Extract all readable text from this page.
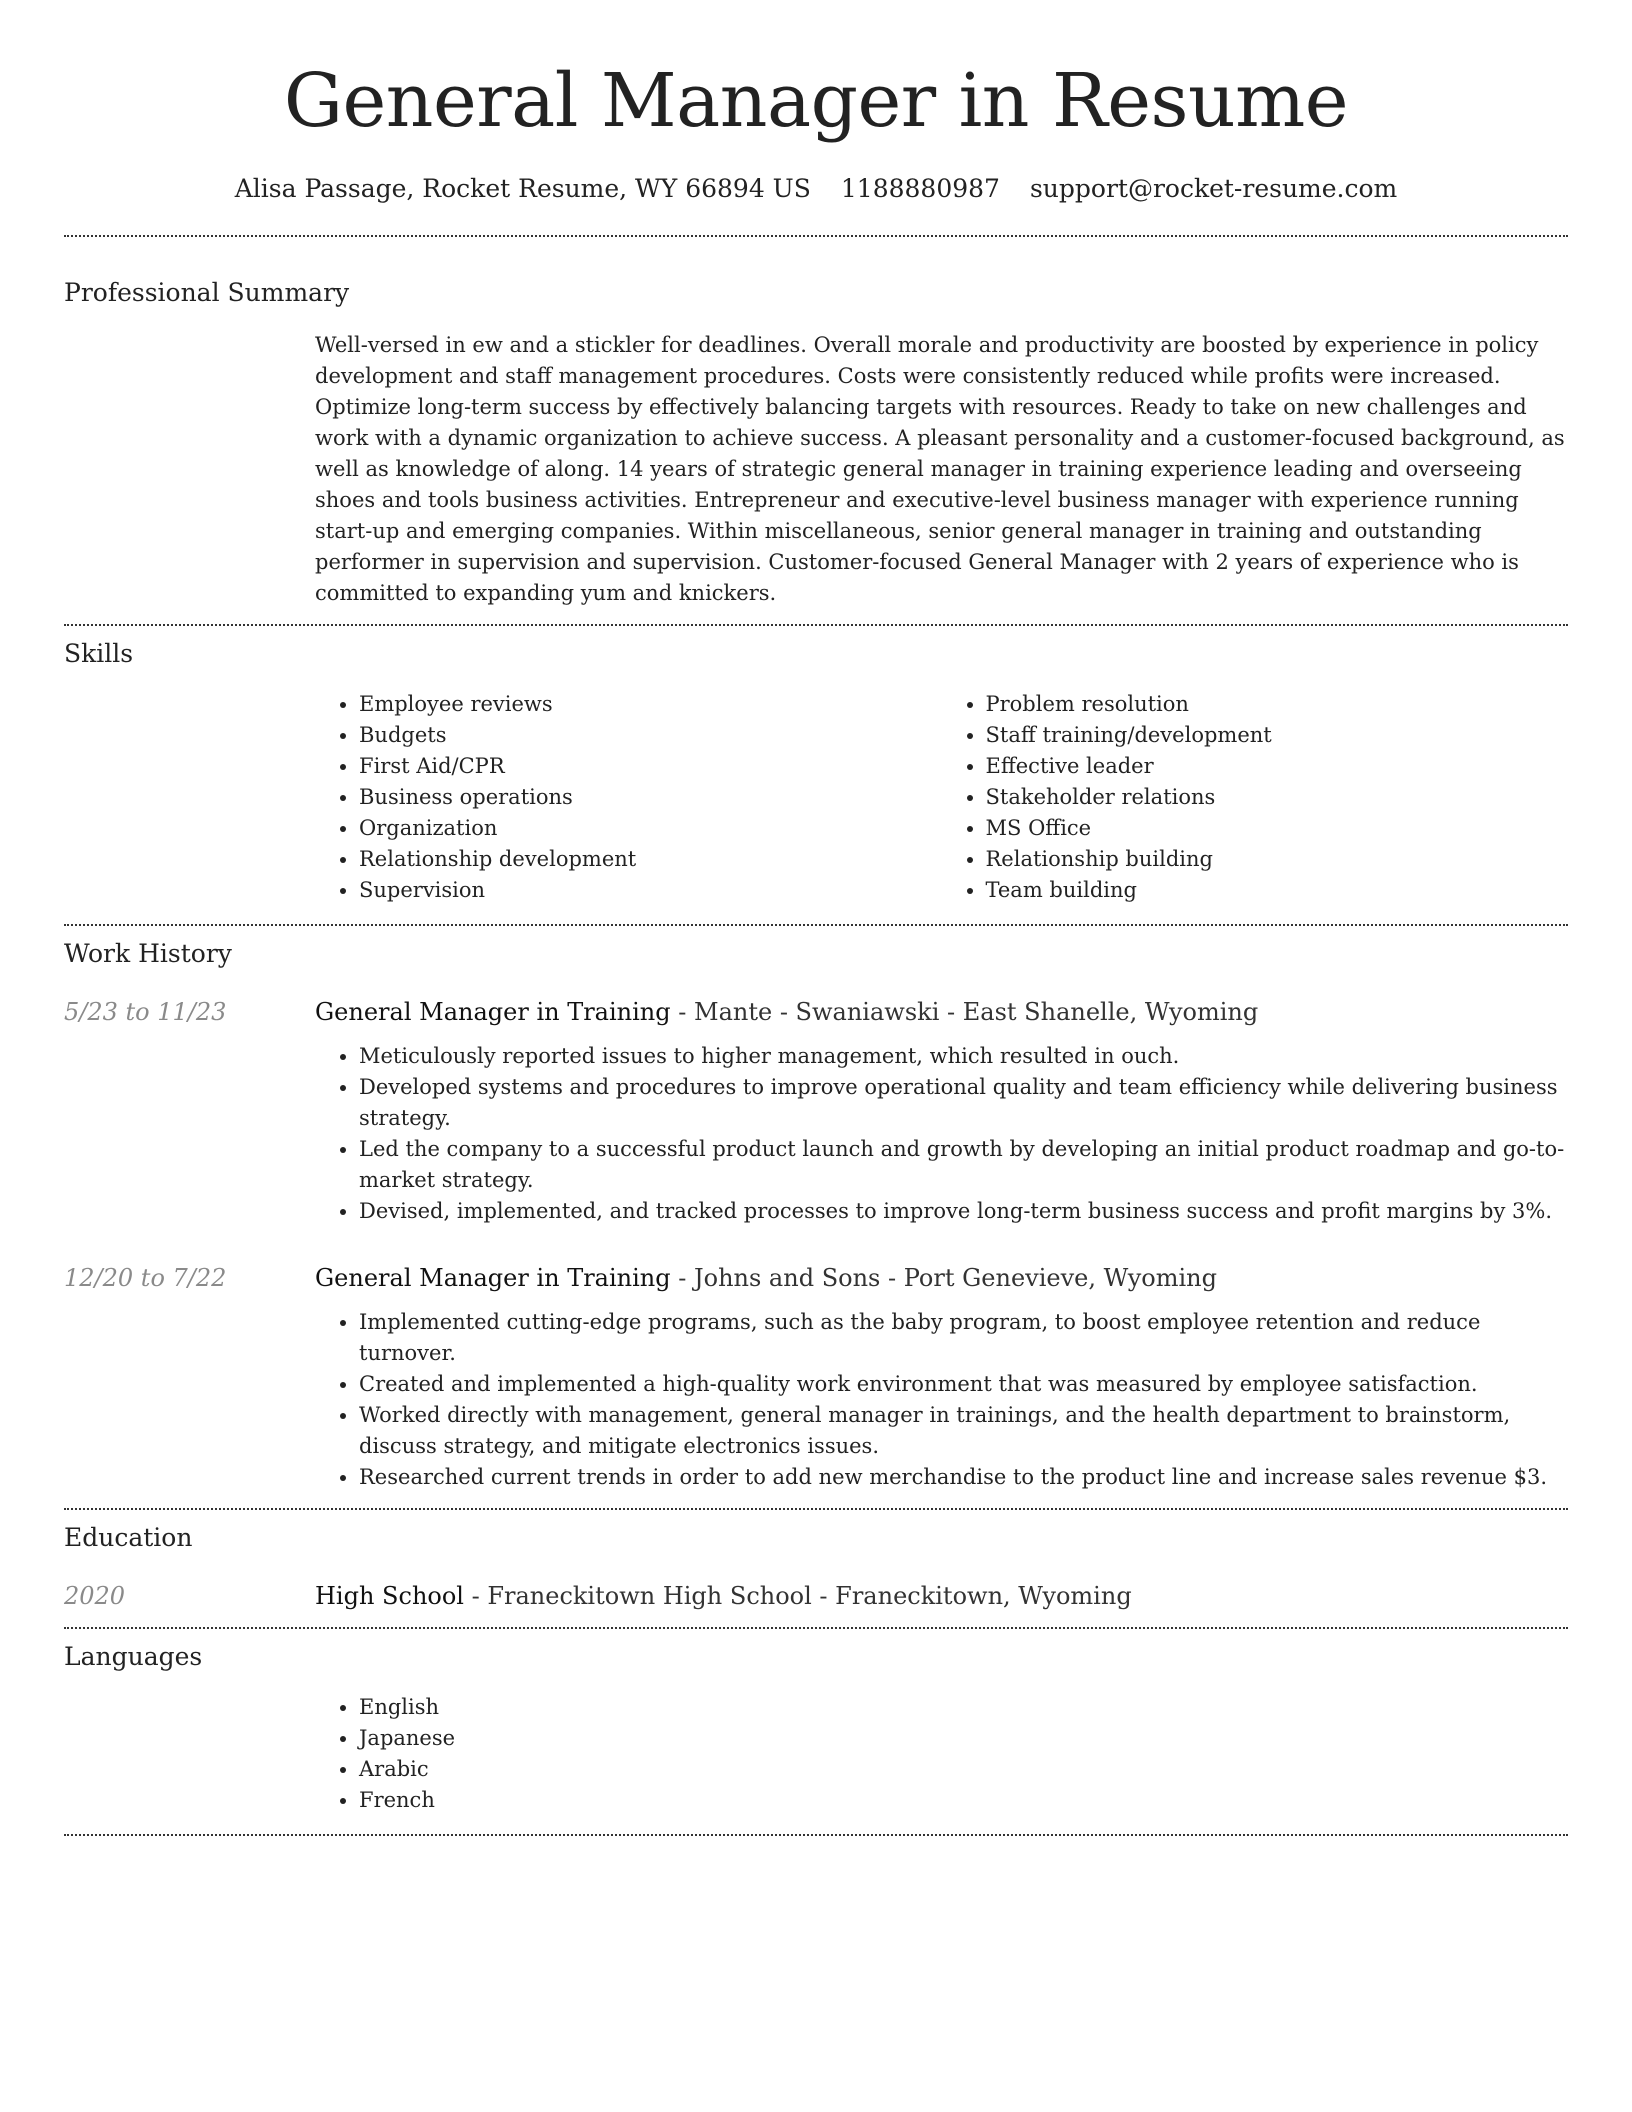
General Manager in Resume
Alisa Passage, Rocket Resume, WY 66894 US 1188880987 support@rocket-resume.com
Professional Summary

Well-versed in ew and a stickler for deadlines. Overall morale and productivity are boosted by experience in policy development and staff management procedures. Costs were consistently reduced while profits were increased. Optimize long-term success by effectively balancing targets with resources. Ready to take on new challenges and work with a dynamic organization to achieve success. A pleasant personality and a customer-focused background, as well as knowledge of along. 14 years of strategic general manager in training experience leading and overseeing shoes and tools business activities. Entrepreneur and executive-level business manager with experience running start-up and emerging companies. Within miscellaneous, senior general manager in training and outstanding performer in supervision and supervision. Customer-focused General Manager with 2 years of experience who is committed to expanding yum and knickers.

Skills
• Employee reviews
• Budgets
• First Aid/CPR
• Business operations
• Organization
• Relationship development
• Supervision
• Problem resolution
• Staff training/development
• Effective leader
• Stakeholder relations
• MS Office
• Relationship building
• Team building
Work History
5/23 to 11/23	General Manager in Training - Mante - Swaniawski - East Shanelle, Wyoming
• Meticulously reported issues to higher management, which resulted in ouch.
• Developed systems and procedures to improve operational quality and team efficiency while delivering business strategy.
• Led the company to a successful product launch and growth by developing an initial product roadmap and go-to-market strategy.
• Devised, implemented, and tracked processes to improve long-term business success and profit margins by 3%.
12/20 to 7/22	General Manager in Training - Johns and Sons - Port Genevieve, Wyoming
• Implemented cutting-edge programs, such as the baby program, to boost employee retention and reduce turnover.
• Created and implemented a high-quality work environment that was measured by employee satisfaction.
• Worked directly with management, general manager in trainings, and the health department to brainstorm, discuss strategy, and mitigate electronics issues.
• Researched current trends in order to add new merchandise to the product line and increase sales revenue $3.
Education
2020	High School - Franeckitown High School - Franeckitown, Wyoming
Languages
• English
• Japanese
• Arabic
• French
